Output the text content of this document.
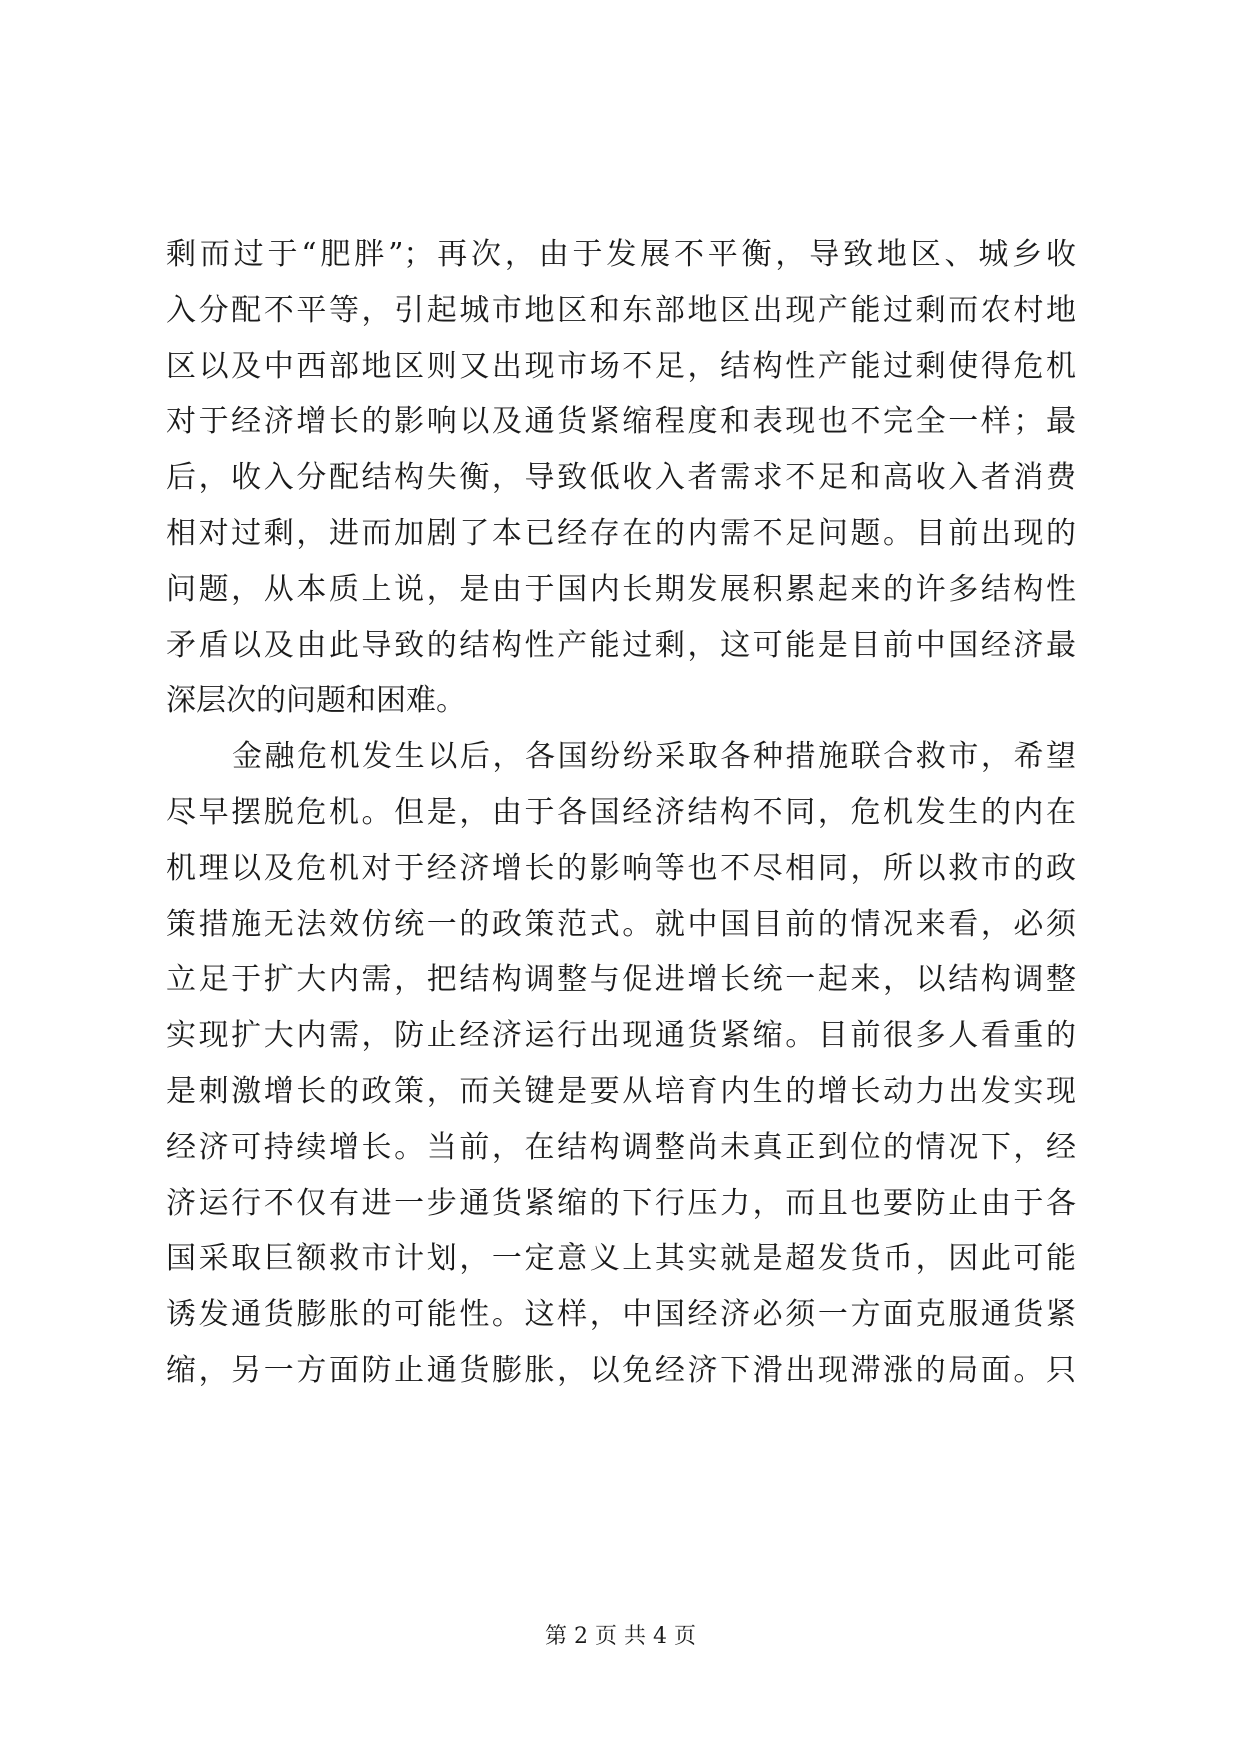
剩而过于“肥胖”；再次，由于发展不平衡，导致地区、城乡收
入分配不平等，引起城市地区和东部地区出现产能过剩而农村地
区以及中西部地区则又出现市场不足，结构性产能过剩使得危机
对于经济增长的影响以及通货紧缩程度和表现也不完全一样；最
后，收入分配结构失衡，导致低收入者需求不足和高收入者消费
相对过剩，进而加剧了本已经存在的内需不足问题。目前出现的
问题，从本质上说，是由于国内长期发展积累起来的许多结构性
矛盾以及由此导致的结构性产能过剩，这可能是目前中国经济最
深层次的问题和困难。
金融危机发生以后，各国纷纷采取各种措施联合救市，希望
尽早摆脱危机。但是，由于各国经济结构不同，危机发生的内在
机理以及危机对于经济增长的影响等也不尽相同，所以救市的政
策措施无法效仿统一的政策范式。就中国目前的情况来看，必须
立足于扩大内需，把结构调整与促进增长统一起来，以结构调整
实现扩大内需，防止经济运行出现通货紧缩。目前很多人看重的
是刺激增长的政策，而关键是要从培育内生的增长动力出发实现
经济可持续增长。当前，在结构调整尚未真正到位的情况下，经
济运行不仅有进一步通货紧缩的下行压力，而且也要防止由于各
国采取巨额救市计划，一定意义上其实就是超发货币，因此可能
诱发通货膨胀的可能性。这样，中国经济必须一方面克服通货紧
缩，另一方面防止通货膨胀，以免经济下滑出现滞涨的局面。只
第 2 页 共 4 页
